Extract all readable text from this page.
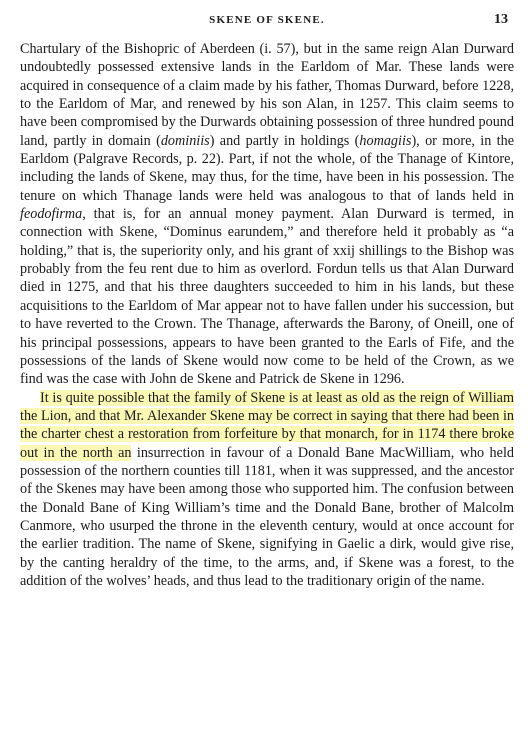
SKENE OF SKENE.	13

Chartulary of the Bishopric of Aberdeen (i. 57), but in the same reign Alan Durward undoubtedly possessed extensive lands in the Earldom of Mar. These lands were acquired in consequence of a claim made by his father, Thomas Durward, before 1228, to the Earldom of Mar, and renewed by his son Alan, in 1257. This claim seems to have been compromised by the Durwards obtaining possession of three hundred pound land, partly in domain (dominiis) and partly in holdings (homagiis), or more, in the Earldom (Palgrave Records, p. 22). Part, if not the whole, of the Thanage of Kintore, including the lands of Skene, may thus, for the time, have been in his possession. The tenure on which Thanage lands were held was analogous to that of lands held in feodofirma, that is, for an annual money payment. Alan Durward is termed, in connection with Skene, “Dominus earundem,” and therefore held it probably as “a holding,” that is, the superiority only, and his grant of xxij shillings to the Bishop was probably from the feu rent due to him as overlord. Fordun tells us that Alan Durward died in 1275, and that his three daughters succeeded to him in his lands, but these acquisitions to the Earldom of Mar appear not to have fallen under his succession, but to have reverted to the Crown. The Thanage, afterwards the Barony, of Oneill, one of his principal possessions, appears to have been granted to the Earls of Fife, and the possessions of the lands of Skene would now come to be held of the Crown, as we find was the case with John de Skene and Patrick de Skene in 1296.

It is quite possible that the family of Skene is at least as old as the reign of William the Lion, and that Mr. Alexander Skene may be correct in saying that there had been in the charter chest a restoration from forfeiture by that monarch, for in 1174 there broke out in the north an insurrection in favour of a Donald Bane MacWilliam, who held possession of the northern counties till 1181, when it was suppressed, and the ancestor of the Skenes may have been among those who supported him. The confusion between the Donald Bane of King William’s time and the Donald Bane, brother of Malcolm Canmore, who usurped the throne in the eleventh century, would at once account for the earlier tradition. The name of Skene, signifying in Gaelic a dirk, would give rise, by the canting heraldry of the time, to the arms, and, if Skene was a forest, to the addition of the wolves’ heads, and thus lead to the traditionary origin of the name.
